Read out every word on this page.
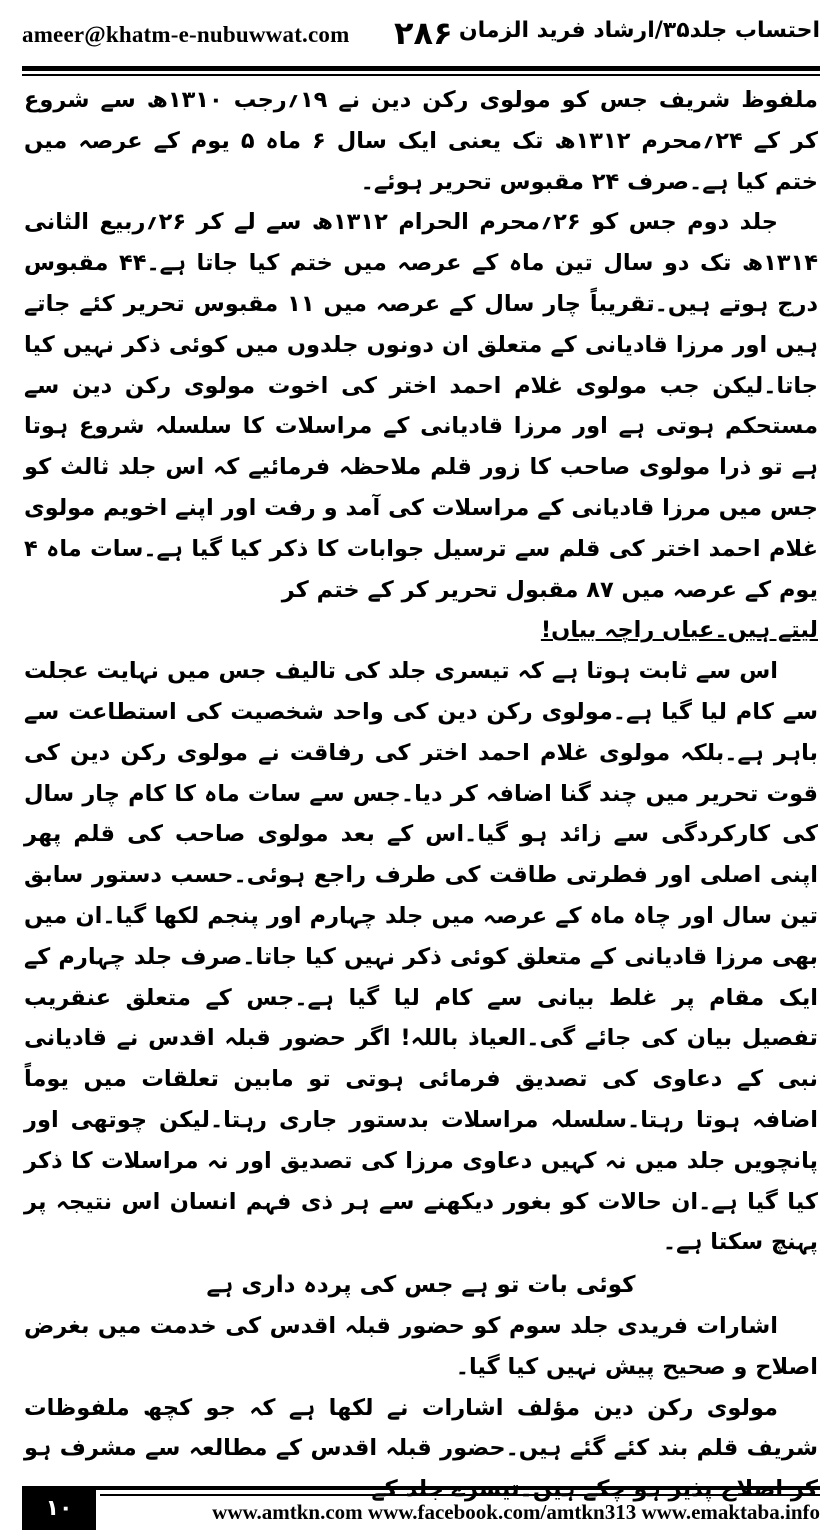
ameer@khatm-e-nubuwwat.com ۲۸۶ احتساب جلد۳۵/ارشاد فرید الزمان

ملفوظ شریف جس کو مولوی رکن دین نے ۱۹؍رجب ۱۳۱۰ھ سے شروع کر کے ۲۴؍محرم ۱۳۱۲ھ تک یعنی ایک سال ۶ ماہ ۵ یوم کے عرصہ میں ختم کیا ہے۔صرف ۲۴ مقبوس تحریر ہوئے۔

جلد دوم جس کو ۲۶؍محرم الحرام ۱۳۱۲ھ سے لے کر ۲۶؍ربیع الثانی ۱۳۱۴ھ تک دو سال تین ماہ کے عرصہ میں ختم کیا جاتا ہے۔۴۴ مقبوس درج ہوتے ہیں۔تقریباً چار سال کے عرصہ میں ۱۱ مقبوس تحریر کئے جاتے ہیں اور مرزا قادیانی کے متعلق ان دونوں جلدوں میں کوئی ذکر نہیں کیا جاتا۔لیکن جب مولوی غلام احمد اختر کی اخوت مولوی رکن دین سے مستحکم ہوتی ہے اور مرزا قادیانی کے مراسلات کا سلسلہ شروع ہوتا ہے تو ذرا مولوی صاحب کا زور قلم ملاحظہ فرمائیے کہ اس جلد ثالث کو جس میں مرزا قادیانی کے مراسلات کی آمد و رفت اور اپنے اخویم مولوی غلام احمد اختر کی قلم سے ترسیل جوابات کا ذکر کیا گیا ہے۔سات ماہ ۴ یوم کے عرصہ میں ۸۷ مقبول تحریر کر کے ختم کر

لیتے ہیں۔عیاں راچہ بیاں!

اس سے ثابت ہوتا ہے کہ تیسری جلد کی تالیف جس میں نہایت عجلت سے کام لیا گیا ہے۔مولوی رکن دین کی واحد شخصیت کی استطاعت سے باہر ہے۔بلکہ مولوی غلام احمد اختر کی رفاقت نے مولوی رکن دین کی قوت تحریر میں چند گنا اضافہ کر دیا۔جس سے سات ماہ کا کام چار سال کی کارکردگی سے زائد ہو گیا۔اس کے بعد مولوی صاحب کی قلم پھر اپنی اصلی اور فطرتی طاقت کی طرف راجع ہوئی۔حسب دستور سابق تین سال اور چاہ ماہ کے عرصہ میں جلد چہارم اور پنجم لکھا گیا۔ان میں بھی مرزا قادیانی کے متعلق کوئی ذکر نہیں کیا جاتا۔صرف جلد چہارم کے ایک مقام پر غلط بیانی سے کام لیا گیا ہے۔جس کے متعلق عنقریب تفصیل بیان کی جائے گی۔العیاذ باللہ! اگر حضور قبلہ اقدس نے قادیانی نبی کے دعاوی کی تصدیق فرمائی ہوتی تو مابین تعلقات میں یوماً اضافہ ہوتا رہتا۔سلسلہ مراسلات بدستور جاری رہتا۔لیکن چوتھی اور پانچویں جلد میں نہ کہیں دعاوی مرزا کی تصدیق اور نہ مراسلات کا ذکر کیا گیا ہے۔ان حالات کو بغور دیکھنے سے ہر ذی فہم انسان اس نتیجہ پر پہنچ سکتا ہے۔

کوئی بات تو ہے جس کی پردہ داری ہے

اشارات فریدی جلد سوم کو حضور قبلہ اقدس کی خدمت میں بغرض اصلاح و صحیح پیش نہیں کیا گیا۔

مولوی رکن دین مؤلف اشارات نے لکھا ہے کہ جو کچھ ملفوظات شریف قلم بند کئے گئے ہیں۔حضور قبلہ اقدس کے مطالعہ سے مشرف ہو

۱۰	www.amtkn.com www.facebook.com/amtkn313 www.emaktaba.info
